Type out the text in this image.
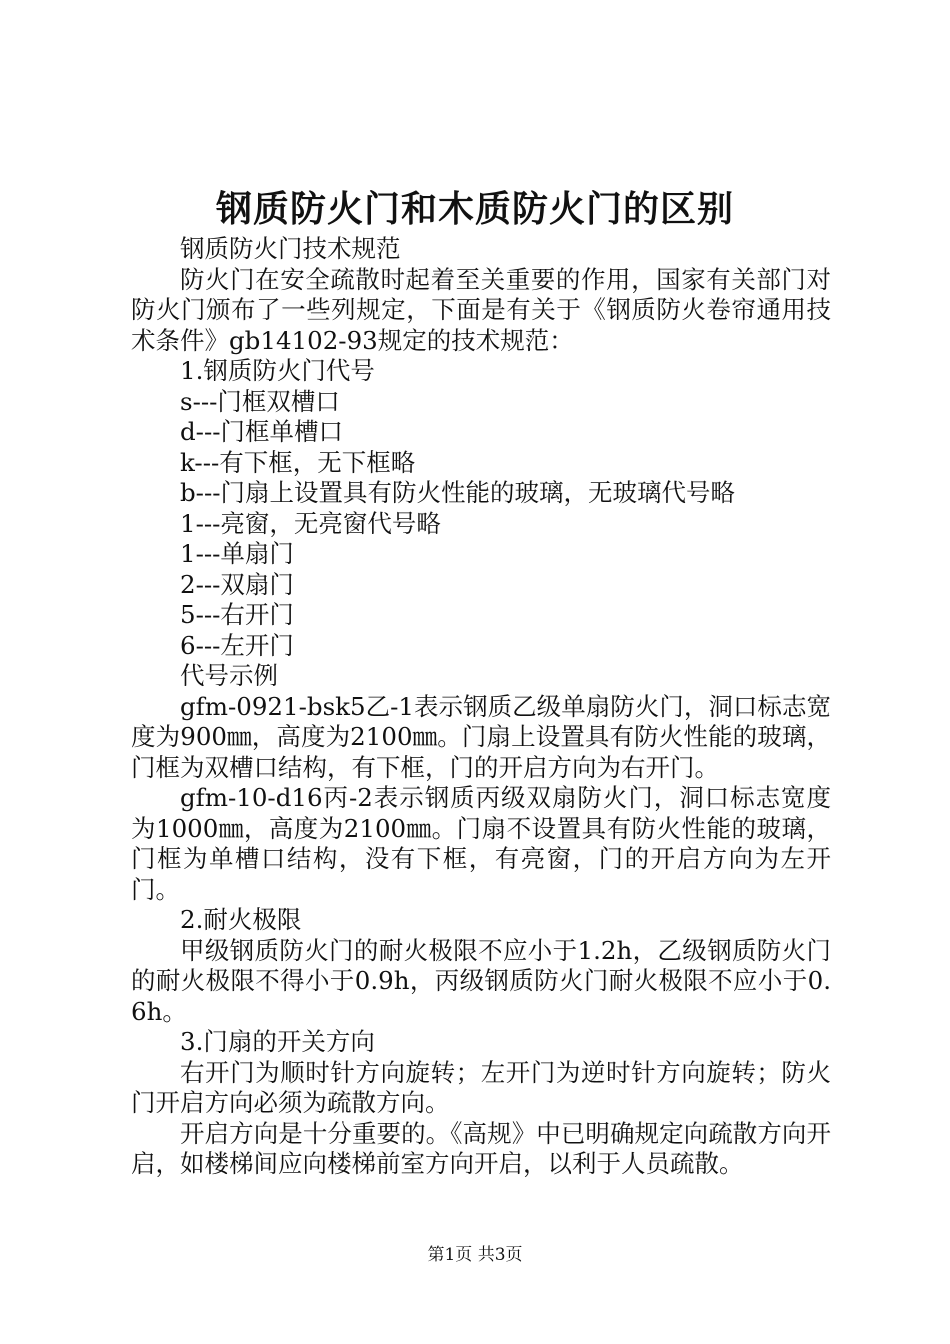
钢质防火门和木质防火门的区别

钢质防火门技术规范

防火门在安全疏散时起着至关重要的作用，国家有关部门对防火门颁布了一些列规定，下面是有关于《钢质防火卷帘通用技术条件》gb14102-93规定的技术规范：

1.钢质防火门代号

s---门框双槽口

d---门框单槽口

k---有下框，无下框略

b---门扇上设置具有防火性能的玻璃，无玻璃代号略

1---亮窗，无亮窗代号略

1---单扇门

2---双扇门

5---右开门

6---左开门

代号示例

gfm-0921-bsk5乙-1表示钢质乙级单扇防火门，洞口标志宽度为900㎜，高度为2100㎜。门扇上设置具有防火性能的玻璃，门框为双槽口结构，有下框，门的开启方向为右开门。

gfm-10-d16丙-2表示钢质丙级双扇防火门，洞口标志宽度为1000㎜，高度为2100㎜。门扇不设置具有防火性能的玻璃，门框为单槽口结构，没有下框，有亮窗，门的开启方向为左开门。

2.耐火极限

甲级钢质防火门的耐火极限不应小于1.2h，乙级钢质防火门的耐火极限不得小于0.9h，丙级钢质防火门耐火极限不应小于0.6h。

3.门扇的开关方向

右开门为顺时针方向旋转；左开门为逆时针方向旋转；防火门开启方向必须为疏散方向。

开启方向是十分重要的。《高规》中已明确规定向疏散方向开启，如楼梯间应向楼梯前室方向开启，以利于人员疏散。

第1页 共3页
